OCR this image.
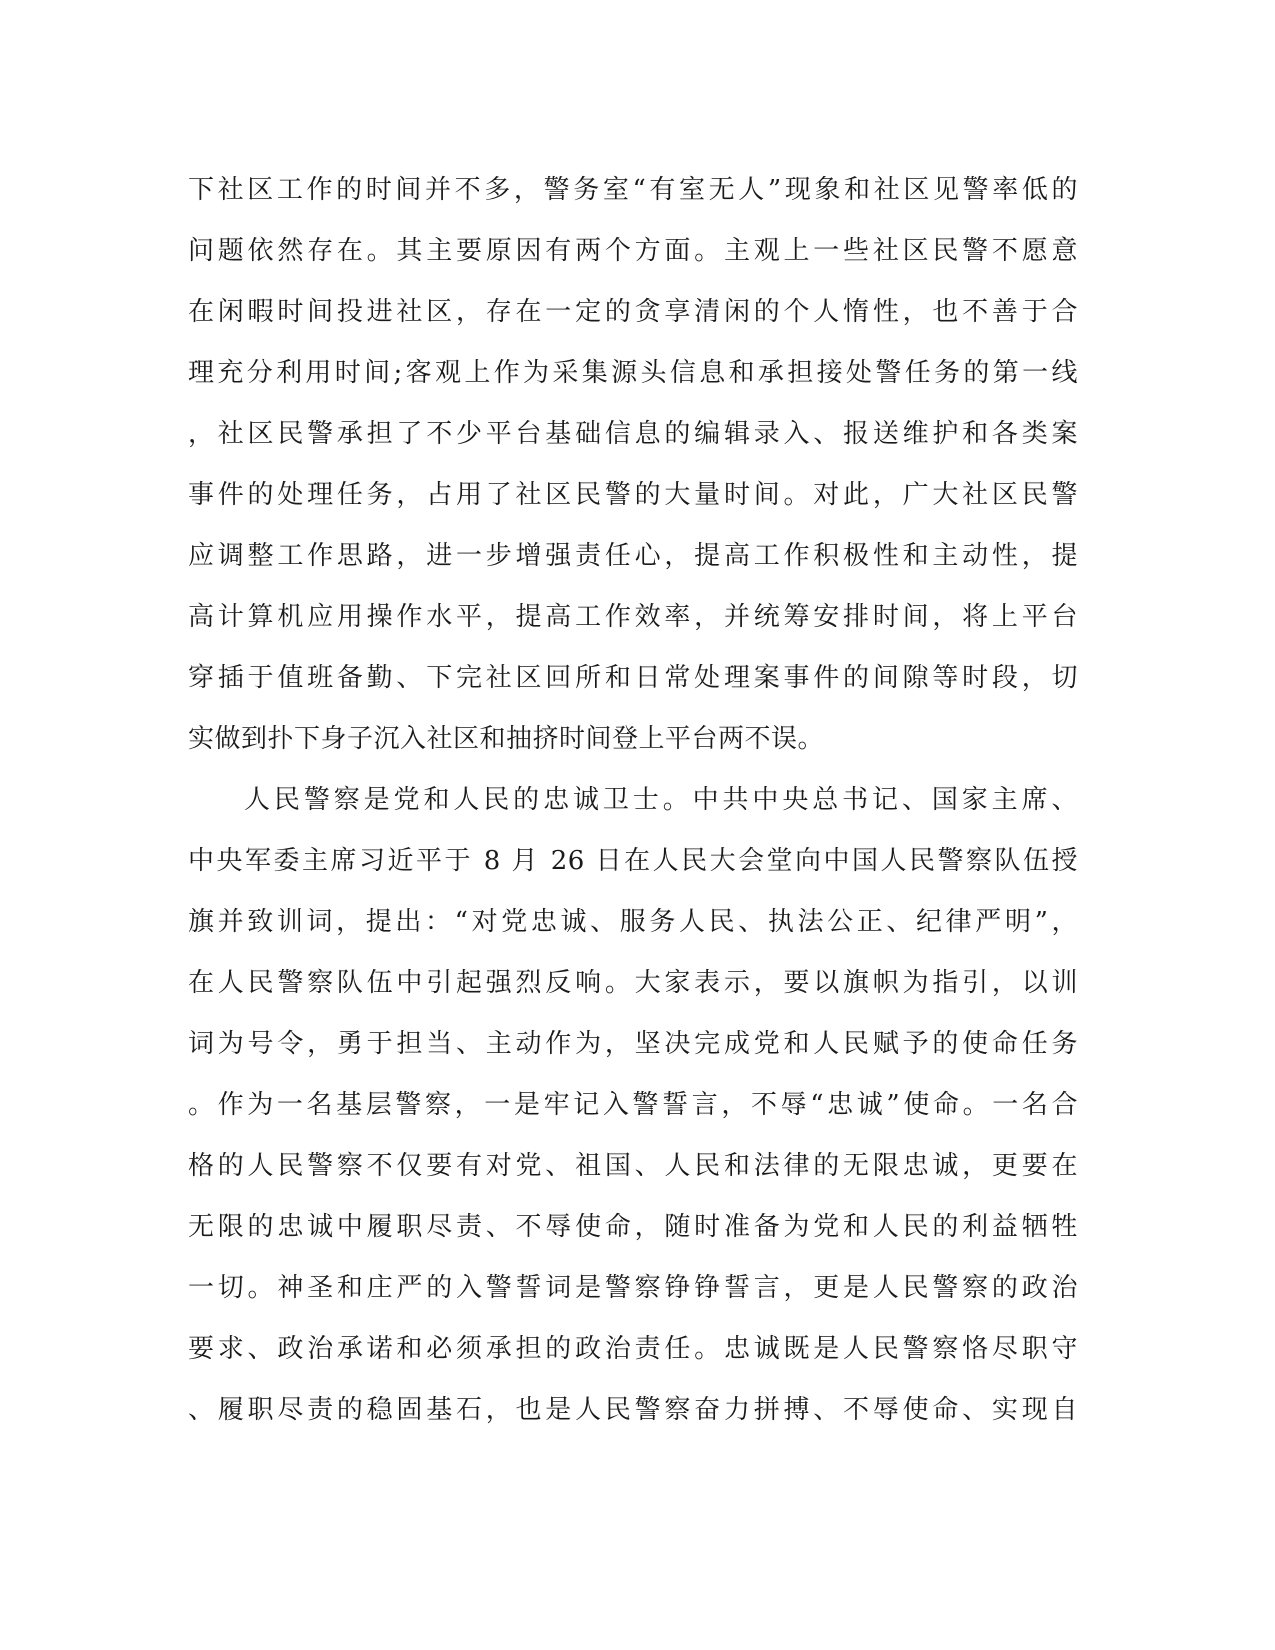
下社区工作的时间并不多，警务室“有室无人”现象和社区见警率低的
问题依然存在。其主要原因有两个方面。主观上一些社区民警不愿意
在闲暇时间投进社区，存在一定的贪享清闲的个人惰性，也不善于合
理充分利用时间;客观上作为采集源头信息和承担接处警任务的第一线
，社区民警承担了不少平台基础信息的编辑录入、报送维护和各类案
事件的处理任务，占用了社区民警的大量时间。对此，广大社区民警
应调整工作思路，进一步增强责任心，提高工作积极性和主动性，提
高计算机应用操作水平，提高工作效率，并统筹安排时间，将上平台
穿插于值班备勤、下完社区回所和日常处理案事件的间隙等时段，切
实做到扑下身子沉入社区和抽挤时间登上平台两不误。
人民警察是党和人民的忠诚卫士。中共中央总书记、国家主席、
中央军委主席习近平于 8 月 26 日在人民大会堂向中国人民警察队伍授
旗并致训词，提出：“对党忠诚、服务人民、执法公正、纪律严明”，
在人民警察队伍中引起强烈反响。大家表示，要以旗帜为指引，以训
词为号令，勇于担当、主动作为，坚决完成党和人民赋予的使命任务
。作为一名基层警察，一是牢记入警誓言，不辱“忠诚”使命。一名合
格的人民警察不仅要有对党、祖国、人民和法律的无限忠诚，更要在
无限的忠诚中履职尽责、不辱使命，随时准备为党和人民的利益牺牲
一切。神圣和庄严的入警誓词是警察铮铮誓言，更是人民警察的政治
要求、政治承诺和必须承担的政治责任。忠诚既是人民警察恪尽职守
、履职尽责的稳固基石，也是人民警察奋力拼搏、不辱使命、实现自
